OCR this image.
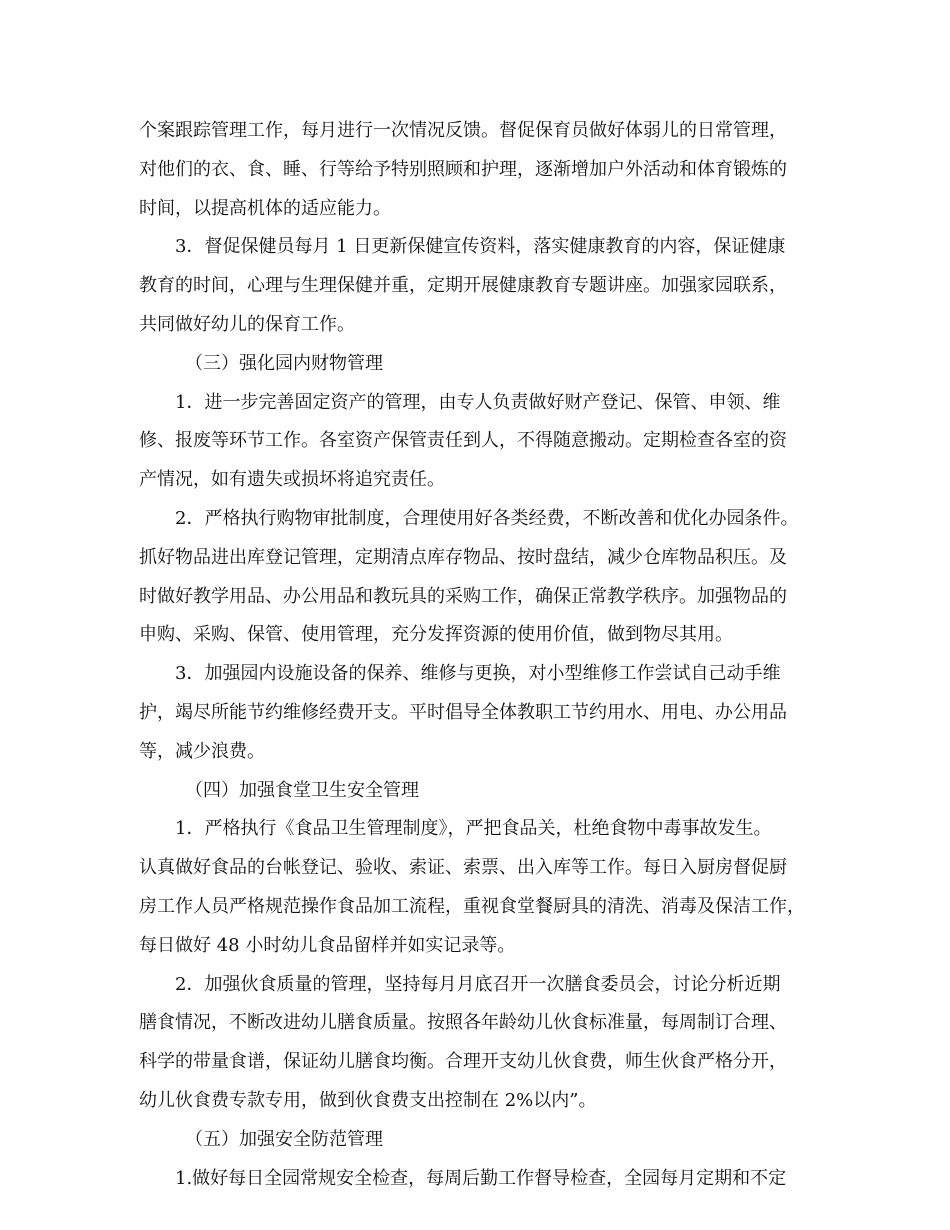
个案跟踪管理工作，每月进行一次情况反馈。督促保育员做好体弱儿的日常管理，
对他们的衣、食、睡、行等给予特别照顾和护理，逐渐增加户外活动和体育锻炼的
时间，以提高机体的适应能力。
3．督促保健员每月 1 日更新保健宣传资料，落实健康教育的内容，保证健康
教育的时间，心理与生理保健并重，定期开展健康教育专题讲座。加强家园联系，
共同做好幼儿的保育工作。
（三）强化园内财物管理
1．进一步完善固定资产的管理，由专人负责做好财产登记、保管、申领、维
修、报废等环节工作。各室资产保管责任到人，不得随意搬动。定期检查各室的资
产情况，如有遗失或损坏将追究责任。
2．严格执行购物审批制度，合理使用好各类经费，不断改善和优化办园条件。
抓好物品进出库登记管理，定期清点库存物品、按时盘结，减少仓库物品积压。及
时做好教学用品、办公用品和教玩具的采购工作，确保正常教学秩序。加强物品的
申购、采购、保管、使用管理，充分发挥资源的使用价值，做到物尽其用。
3．加强园内设施设备的保养、维修与更换，对小型维修工作尝试自己动手维
护，竭尽所能节约维修经费开支。平时倡导全体教职工节约用水、用电、办公用品
等，减少浪费。
（四）加强食堂卫生安全管理
1．严格执行《食品卫生管理制度》，严把食品关，杜绝食物中毒事故发生。
认真做好食品的台帐登记、验收、索证、索票、出入库等工作。每日入厨房督促厨
房工作人员严格规范操作食品加工流程，重视食堂餐厨具的清洗、消毒及保洁工作，
每日做好 48 小时幼儿食品留样并如实记录等。
2．加强伙食质量的管理，坚持每月月底召开一次膳食委员会，讨论分析近期
膳食情况，不断改进幼儿膳食质量。按照各年龄幼儿伙食标准量，每周制订合理、
科学的带量食谱，保证幼儿膳食均衡。合理开支幼儿伙食费，师生伙食严格分开，
幼儿伙食费专款专用，做到伙食费支出控制在 2%以内”。
（五）加强安全防范管理
1.做好每日全园常规安全检查，每周后勤工作督导检查，全园每月定期和不定
